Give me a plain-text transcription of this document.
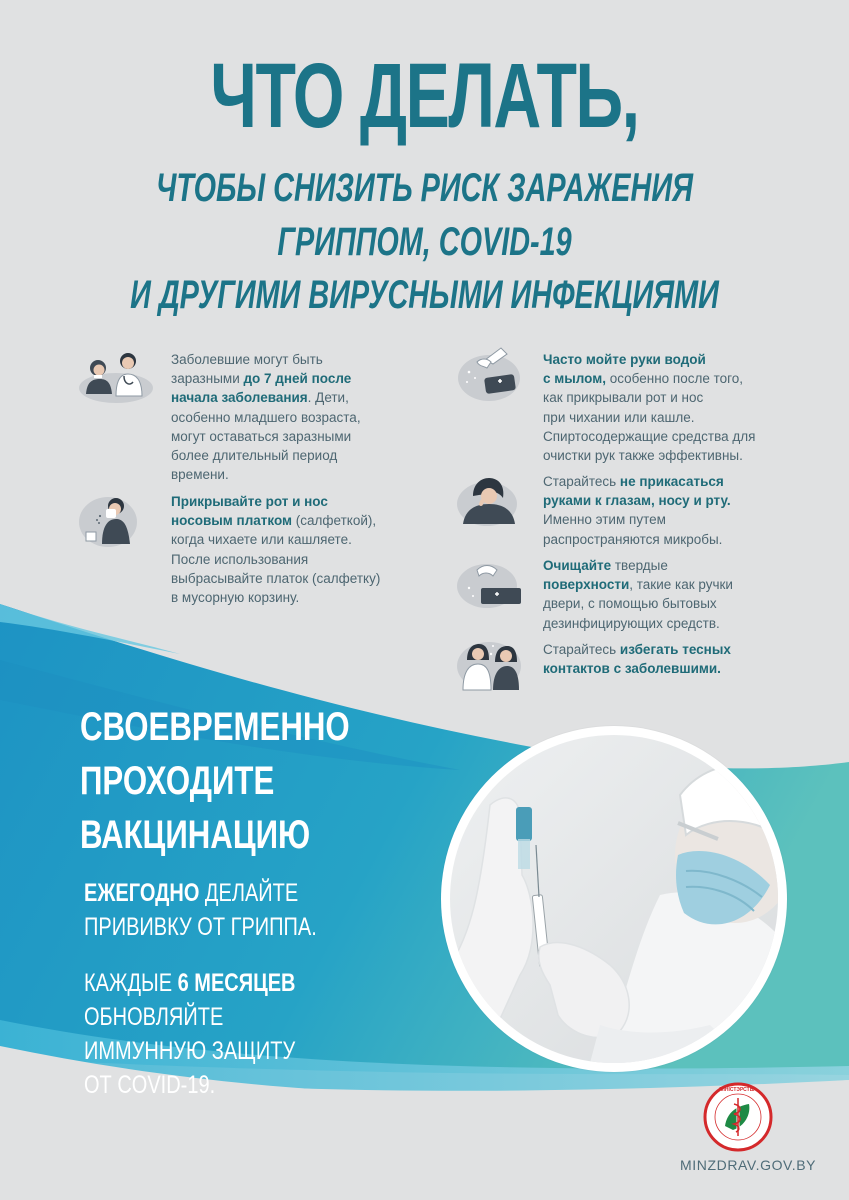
ЧТО ДЕЛАТЬ,
ЧТОБЫ СНИЗИТЬ РИСК ЗАРАЖЕНИЯ
ГРИППОМ, COVID-19
И ДРУГИМИ ВИРУСНЫМИ ИНФЕКЦИЯМИ
Заболевшие могут быть
заразными до 7 дней после
начала заболевания. Дети,
особенно младшего возраста,
могут оставаться заразными
более длительный период
времени.
Прикрывайте рот и нос
носовым платком (салфеткой),
когда чихаете или кашляете.
После использования
выбрасывайте платок (салфетку)
в мусорную корзину.
Часто мойте руки водой
с мылом, особенно после того,
как прикрывали рот и нос
при чихании или кашле.
Спиртосодержащие средства для
очистки рук также эффективны.
Старайтесь не прикасаться
руками к глазам, носу и рту.
Именно этим путем
распространяются микробы.
Очищайте твердые
поверхности, такие как ручки
двери, с помощью бытовых
дезинфицирующих средств.
Старайтесь избегать тесных
контактов с заболевшими.
СВОЕВРЕМЕННО
ПРОХОДИТЕ
ВАКЦИНАЦИЮ
ЕЖЕГОДНО ДЕЛАЙТЕ
ПРИВИВКУ ОТ ГРИППА.
КАЖДЫЕ 6 МЕСЯЦЕВ
ОБНОВЛЯЙТЕ
ИММУННУЮ ЗАЩИТУ
ОТ COVID-19.	МІНІСТЭРСТВА
MINZDRAV.GOV.BY
